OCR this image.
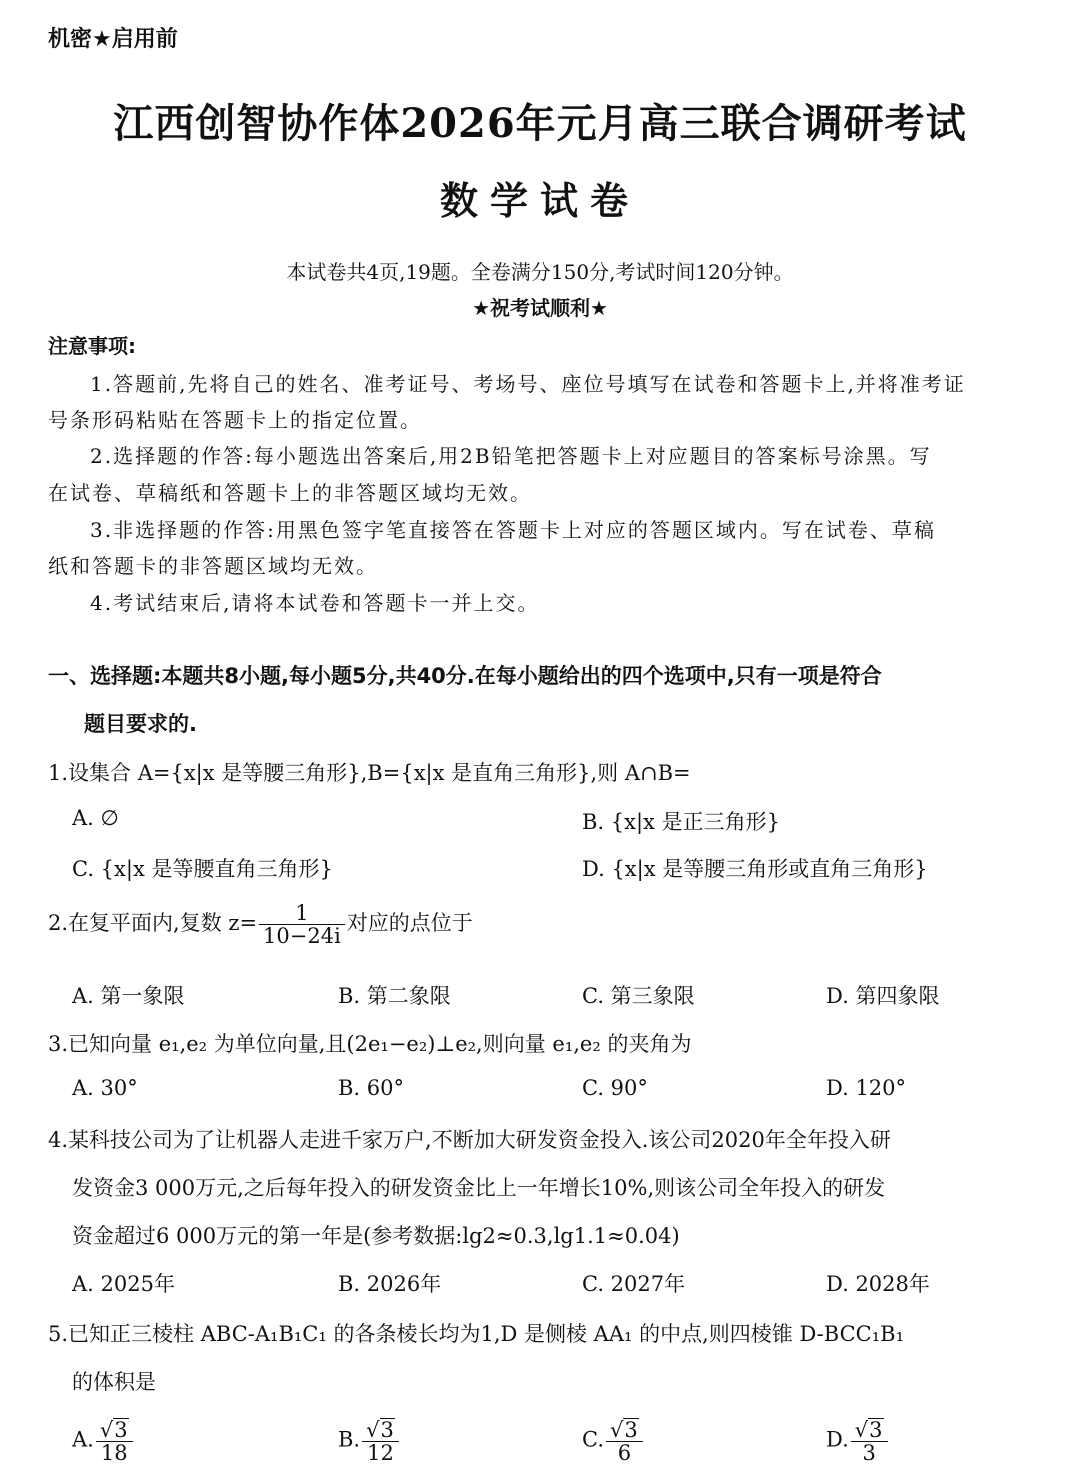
机密★启用前
江西创智协作体2026年元月高三联合调研考试
数学试卷
本试卷共4页,19题。全卷满分150分,考试时间120分钟。
★祝考试顺利★
注意事项:
1.答题前,先将自己的姓名、准考证号、考场号、座位号填写在试卷和答题卡上,并将准考证
号条形码粘贴在答题卡上的指定位置。
2.选择题的作答:每小题选出答案后,用2B铅笔把答题卡上对应题目的答案标号涂黑。写
在试卷、草稿纸和答题卡上的非答题区域均无效。
3.非选择题的作答:用黑色签字笔直接答在答题卡上对应的答题区域内。写在试卷、草稿
纸和答题卡的非答题区域均无效。
4.考试结束后,请将本试卷和答题卡一并上交。
一、选择题:本题共8小题,每小题5分,共40分.在每小题给出的四个选项中,只有一项是符合
题目要求的.
1.设集合 A={x|x 是等腰三角形},B={x|x 是直角三角形},则 A∩B=
A. ∅	B. {x|x 是正三角形}
C. {x|x 是等腰直角三角形}	D. {x|x 是等腰三角形或直角三角形}
2.在复平面内,复数 $z= \frac{1}{10-24i}$ 对应的点位于
A. 第一象限	B. 第二象限	C. 第三象限	D. 第四象限
3.已知向量 e₁,e₂ 为单位向量,且(2e₁−e₂)⊥e₂,则向量 e₁,e₂ 的夹角为
A. 30°	B. 60°	C. 90°	D. 120°
4.某科技公司为了让机器人走进千家万户,不断加大研发资金投入.该公司2020年全年投入研
发资金3 000万元,之后每年投入的研发资金比上一年增长10%,则该公司全年投入的研发
资金超过6 000万元的第一年是(参考数据:lg2≈0.3,lg1.1≈0.04)
A. 2025年	B. 2026年	C. 2027年	D. 2028年
5.已知正三棱柱 ABC-A₁B₁C₁ 的各条棱长均为1,D 是侧棱 AA₁ 的中点,则四棱锥 D-BCC₁B₁
的体积是
A. $\frac{√3}{18}$	B. $\frac{√3}{12}$	C. $\frac{√3}{6}$	D. $\frac{√3}{3}$
